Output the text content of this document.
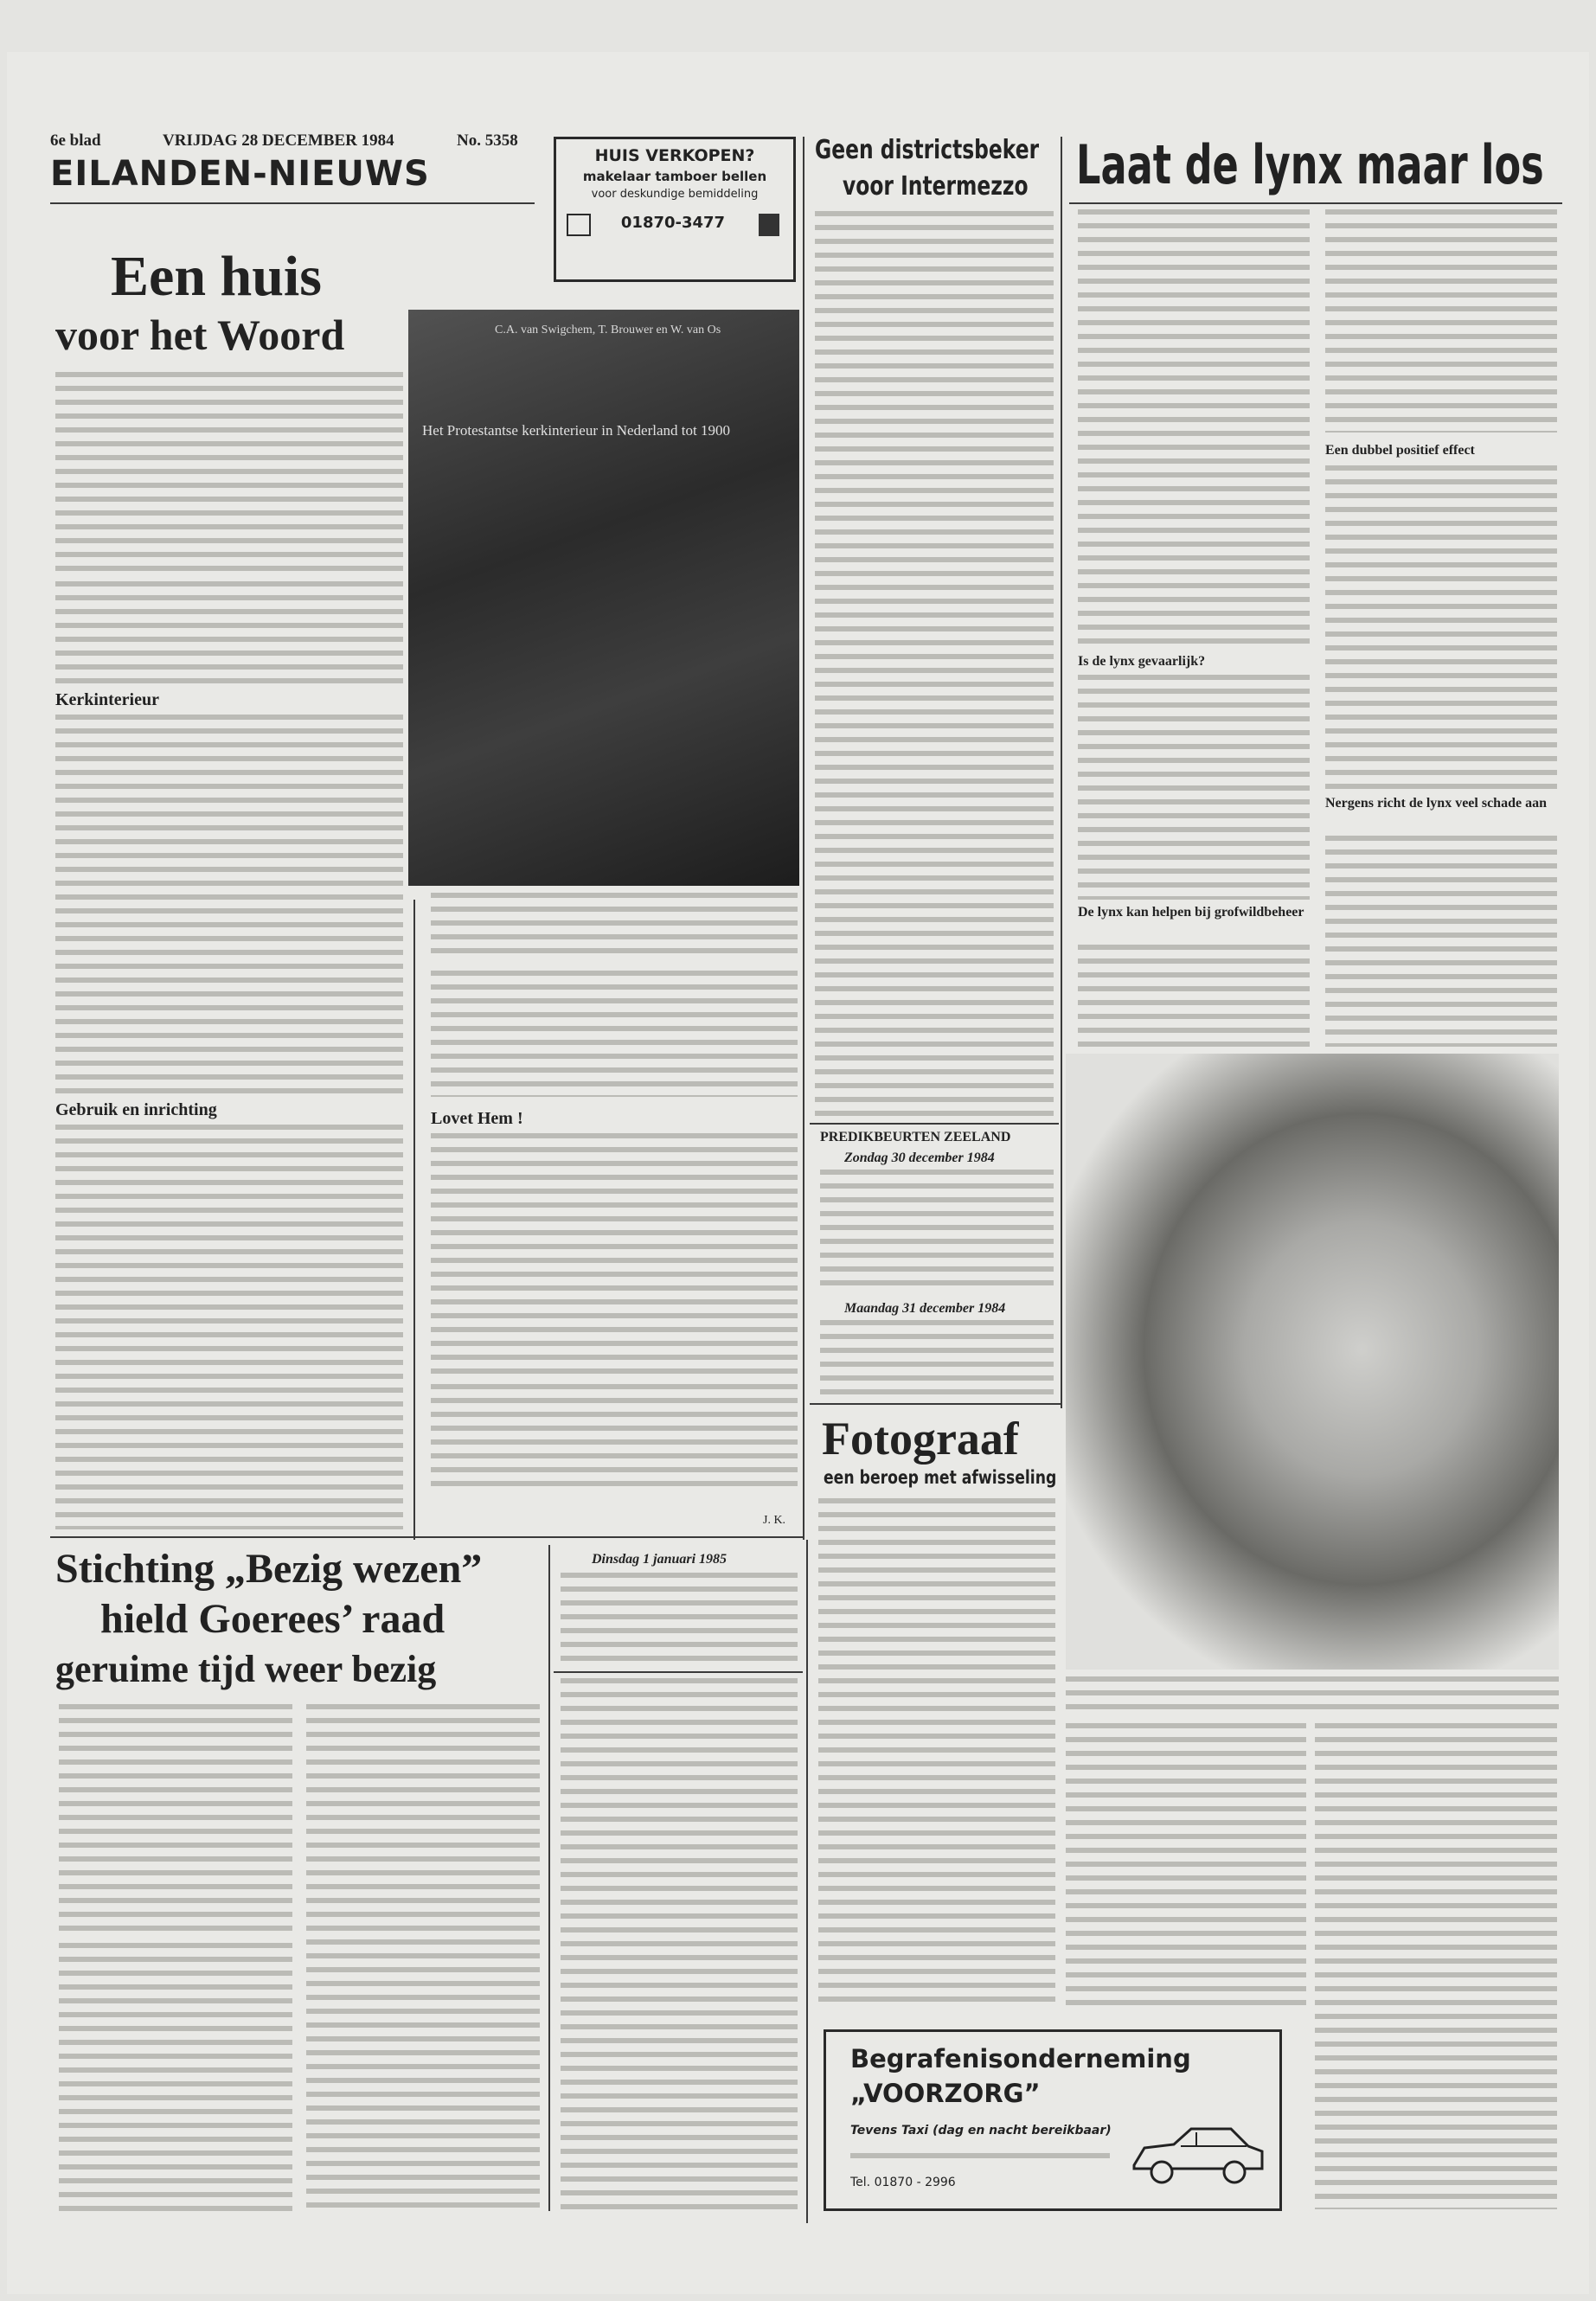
6e blad	VRIJDAG 28 DECEMBER 1984	No. 5358
EILANDEN-NIEUWS	HUIS VERKOPEN?
makelaar tamboer bellen
voor deskundige bemiddeling
01870-3477
Een huis
voor het Woord
Kerkinterieur
Gebruik en inrichting
C.A. van Swigchem, T. Brouwer en W. van Os
Het Protestantse kerkinterieur in Nederland tot 1900
Lovet Hem !
J. K.
Geen districtsbeker
voor Intermezzo
PREDIKBEURTEN ZEELAND
Zondag 30 december 1984
Maandag 31 december 1984
Laat de lynx maar los
Is de lynx gevaarlijk?
De lynx kan helpen bij grofwildbeheer
Een dubbel positief effect
Nergens richt de lynx veel schade aan
Fotograaf
een beroep met afwisseling
Begrafenisonderneming
„VOORZORG”
Tevens Taxi (dag en nacht bereikbaar)
Tel. 01870 - 2996
Stichting „Bezig wezen”
hield Goerees’ raad
geruime tijd weer bezig
Dinsdag 1 januari 1985
